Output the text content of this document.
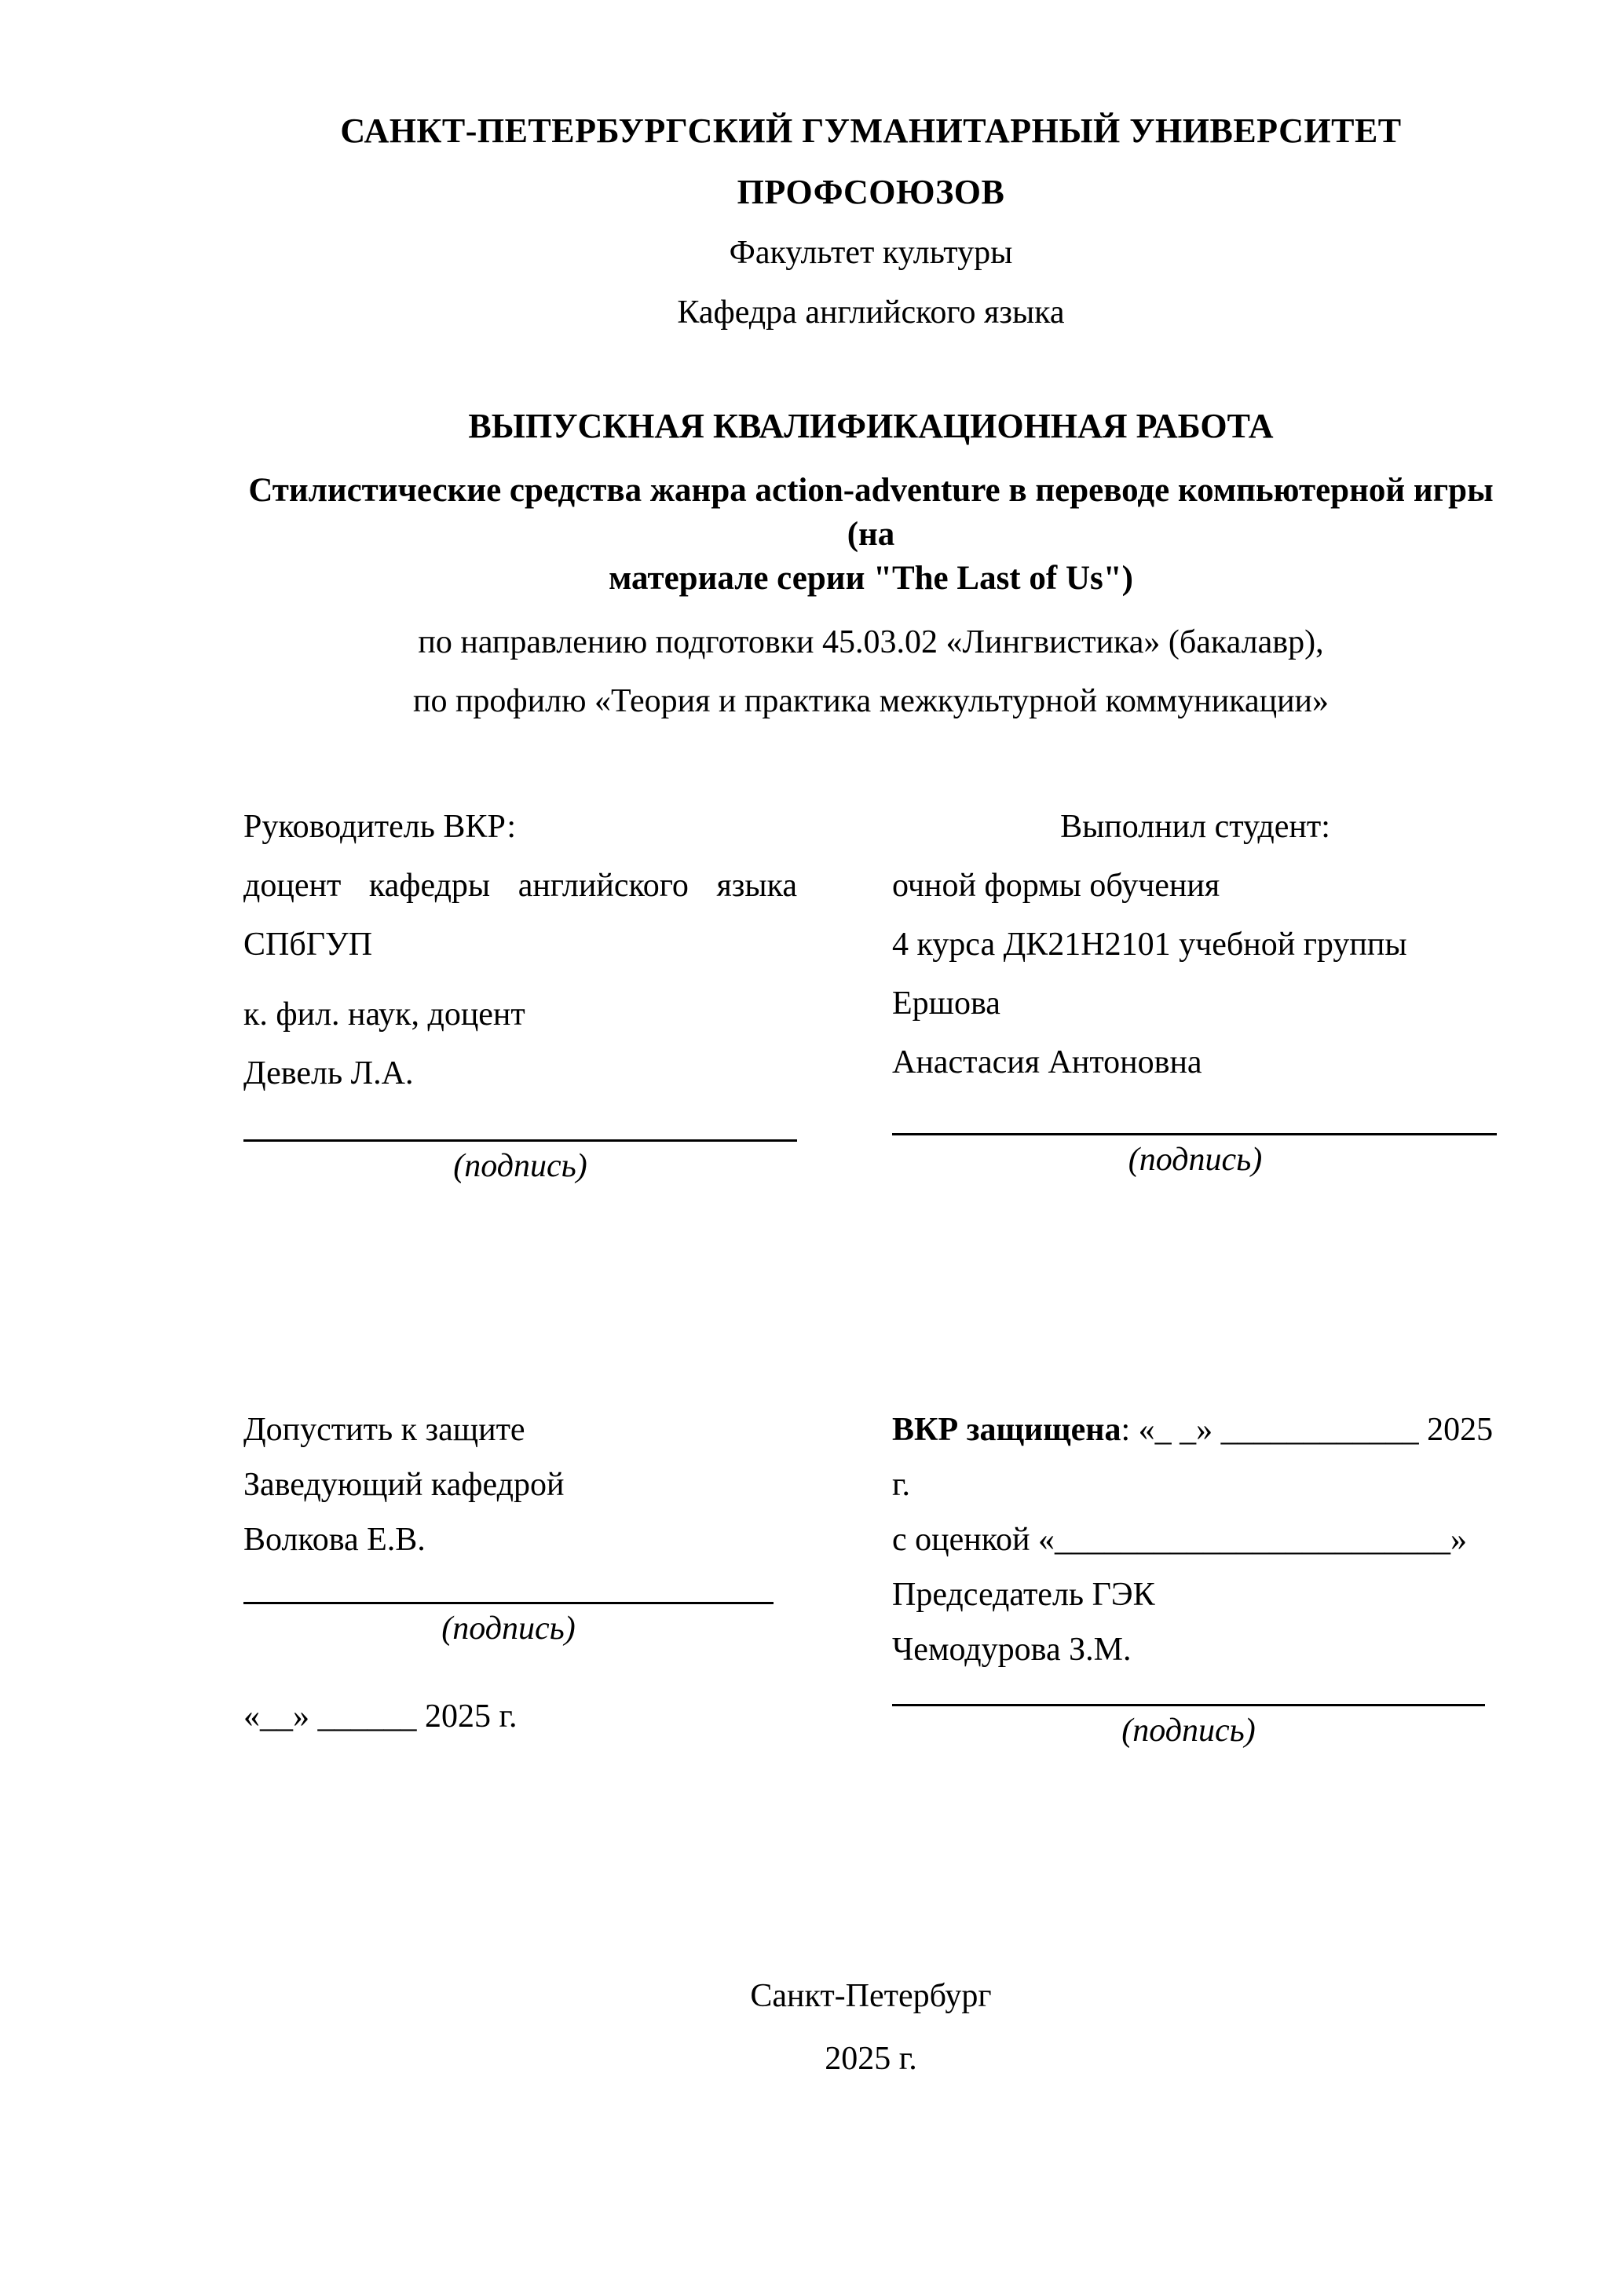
САНКТ-ПЕТЕРБУРГСКИЙ ГУМАНИТАРНЫЙ УНИВЕРСИТЕТ ПРОФСОЮЗОВ
Факультет культуры
Кафедра английского языка
ВЫПУСКНАЯ КВАЛИФИКАЦИОННАЯ РАБОТА
Стилистические средства жанра action-adventure в переводе компьютерной игры (на
материале серии "The Last of Us")
по направлению подготовки 45.03.02 «Лингвистика» (бакалавр),
по профилю «Теория и практика межкультурной коммуникации»
Руководитель ВКР:
доцент кафедры английского языка
СПбГУП
к. фил. наук, доцент
Девель Л.А.
(подпись)
Выполнил студент:
очной формы обучения
4 курса ДК21Н2101 учебной группы
Ершова
Анастасия Антоновна
(подпись)
Допустить к защите
Заведующий кафедрой
Волкова Е.В.
(подпись)
«__» ______ 2025 г.
ВКР защищена: «_ _» ____________ 2025 г.
с оценкой «________________________»
Председатель ГЭК
Чемодурова З.М.
(подпись)
Санкт-Петербург
2025 г.
